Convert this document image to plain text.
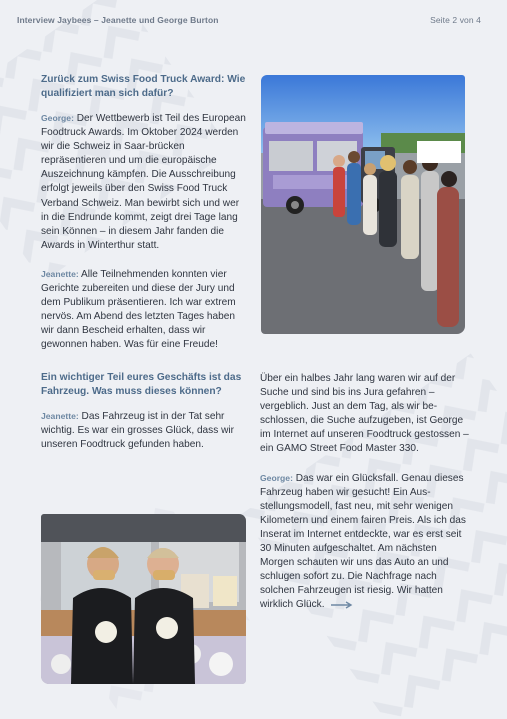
Interview Jaybees – Jeanette und George Burton	Seite 2 von 4
Zurück zum Swiss Food Truck Award: Wie qualifiziert man sich dafür?

George: Der Wettbewerb ist Teil des European Foodtruck Awards. Im Oktober 2024 werden wir die Schweiz in Saar-brücken repräsentieren und um die europäische Auszeichnung kämpfen. Die Ausschreibung erfolgt jeweils über den Swiss Food Truck Verband Schweiz. Man bewirbt sich und wer in die Endrunde kommt, zeigt drei Tage lang sein Können – in diesem Jahr fanden die Awards in Winterthur statt.

Jeanette: Alle Teilnehmenden konnten vier Gerichte zubereiten und diese der Jury und dem Publikum präsentieren. Ich war extrem nervös. Am Abend des letzten Tages haben wir dann Bescheid erhalten, dass wir gewonnen haben. Was für eine Freude!

Ein wichtiger Teil eures Geschäfts ist das Fahrzeug. Was muss dieses können?

Jeanette: Das Fahrzeug ist in der Tat sehr wichtig. Es war ein grosses Glück, dass wir unseren Foodtruck gefunden haben.

Über ein halbes Jahr lang waren wir auf der Suche und sind bis ins Jura gefahren – vergeblich. Just an dem Tag, als wir be-schlossen, die Suche aufzugeben, ist George im Internet auf unseren Foodtruck gestossen – ein GAMO Street Food Master 330.

George: Das war ein Glücksfall. Genau dieses Fahrzeug haben wir gesucht! Ein Aus-stellungsmodell, fast neu, mit sehr wenigen Kilometern und einem fairen Preis. Als ich das Inserat im Internet entdeckte, war es erst seit 30 Minuten aufgeschaltet. Am nächsten Morgen schauten wir uns das Auto an und schlugen sofort zu. Die Nachfrage nach solchen Fahrzeugen ist riesig. Wir hatten wirklich Glück.
